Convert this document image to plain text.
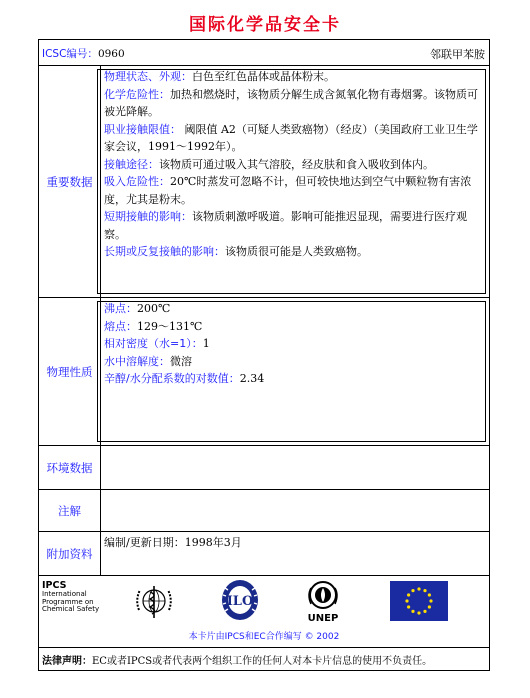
国际化学品安全卡
ICSC编号：0960	邻联甲苯胺
重要数据
物理状态、外观：白色至红色晶体或晶体粉末。
化学危险性：加热和燃烧时，该物质分解生成含氮氧化物有毒烟雾。该物质可被光降解。
职业接触限值： 阈限值 A2（可疑人类致癌物）（经皮）（美国政府工业卫生学家会议，1991～1992年）。
接触途径：该物质可通过吸入其气溶胶，经皮肤和食入吸收到体内。
吸入危险性：20℃时蒸发可忽略不计，但可较快地达到空气中颗粒物有害浓度，尤其是粉末。
短期接触的影响：该物质刺激呼吸道。影响可能推迟显现，需要进行医疗观察。
长期或反复接触的影响：该物质很可能是人类致癌物。
物理性质
沸点：200℃
熔点：129～131℃
相对密度（水=1）：1
水中溶解度：微溶
辛醇/水分配系数的对数值：2.34
环境数据
注解
附加资料
编制/更新日期：1998年3月
IPCS
International
Programme on
Chemical Safety	ILO
UNEP
本卡片由IPCS和EC合作编写 © 2002
法律声明：EC或者IPCS或者代表两个组织工作的任何人对本卡片信息的使用不负责任。
